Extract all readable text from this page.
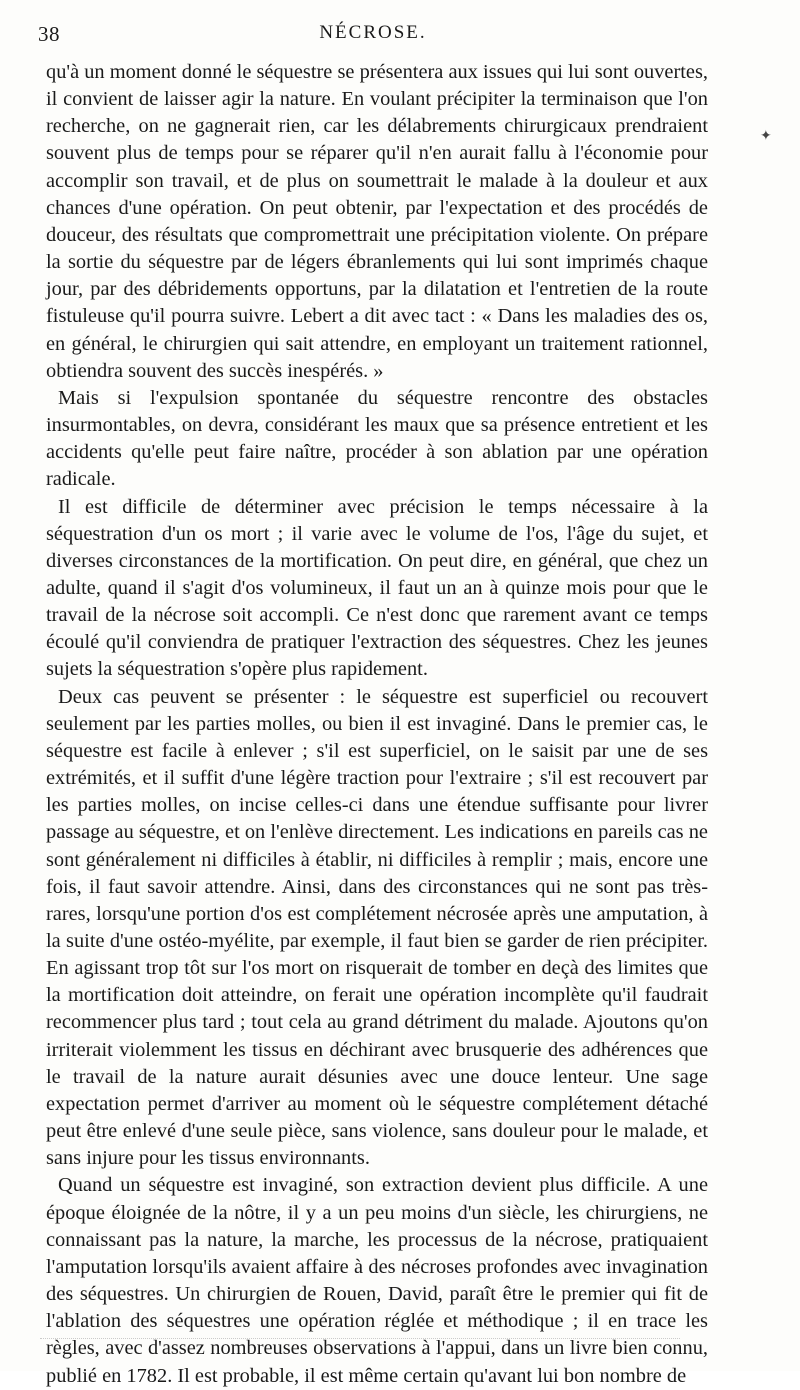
38	NÉCROSE.
✦

qu'à un moment donné le séquestre se présentera aux issues qui lui sont ouvertes, il convient de laisser agir la nature. En voulant précipiter la terminaison que l'on recherche, on ne gagnerait rien, car les délabrements chirurgicaux prendraient souvent plus de temps pour se réparer qu'il n'en aurait fallu à l'économie pour accomplir son travail, et de plus on soumettrait le malade à la douleur et aux chances d'une opération. On peut obtenir, par l'expectation et des procédés de douceur, des résultats que compromettrait une précipitation violente. On prépare la sortie du séquestre par de légers ébranlements qui lui sont imprimés chaque jour, par des débridements opportuns, par la dilatation et l'entretien de la route fistuleuse qu'il pourra suivre. Lebert a dit avec tact : « Dans les maladies des os, en général, le chirurgien qui sait attendre, en employant un traitement rationnel, obtiendra souvent des succès inespérés. »

Mais si l'expulsion spontanée du séquestre rencontre des obstacles insurmontables, on devra, considérant les maux que sa présence entretient et les accidents qu'elle peut faire naître, procéder à son ablation par une opération radicale.

Il est difficile de déterminer avec précision le temps nécessaire à la séquestration d'un os mort ; il varie avec le volume de l'os, l'âge du sujet, et diverses circonstances de la mortification. On peut dire, en général, que chez un adulte, quand il s'agit d'os volumineux, il faut un an à quinze mois pour que le travail de la nécrose soit accompli. Ce n'est donc que rarement avant ce temps écoulé qu'il conviendra de pratiquer l'extraction des séquestres. Chez les jeunes sujets la séquestration s'opère plus rapidement.

Deux cas peuvent se présenter : le séquestre est superficiel ou recouvert seulement par les parties molles, ou bien il est invaginé. Dans le premier cas, le séquestre est facile à enlever ; s'il est superficiel, on le saisit par une de ses extrémités, et il suffit d'une légère traction pour l'extraire ; s'il est recouvert par les parties molles, on incise celles-ci dans une étendue suffisante pour livrer passage au séquestre, et on l'enlève directement. Les indications en pareils cas ne sont généralement ni difficiles à établir, ni difficiles à remplir ; mais, encore une fois, il faut savoir attendre. Ainsi, dans des circonstances qui ne sont pas très-rares, lorsqu'une portion d'os est complétement nécrosée après une amputation, à la suite d'une ostéo-myélite, par exemple, il faut bien se garder de rien précipiter. En agissant trop tôt sur l'os mort on risquerait de tomber en deçà des limites que la mortification doit atteindre, on ferait une opération incomplète qu'il faudrait recommencer plus tard ; tout cela au grand détriment du malade. Ajoutons qu'on irriterait violemment les tissus en déchirant avec brusquerie des adhérences que le travail de la nature aurait désunies avec une douce lenteur. Une sage expectation permet d'arriver au moment où le séquestre complétement détaché peut être enlevé d'une seule pièce, sans violence, sans douleur pour le malade, et sans injure pour les tissus environnants.

Quand un séquestre est invaginé, son extraction devient plus difficile. A une époque éloignée de la nôtre, il y a un peu moins d'un siècle, les chirurgiens, ne connaissant pas la nature, la marche, les processus de la nécrose, pratiquaient l'amputation lorsqu'ils avaient affaire à des nécroses profondes avec invagination des séquestres. Un chirurgien de Rouen, David, paraît être le premier qui fit de l'ablation des séquestres une opération réglée et méthodique ; il en trace les règles, avec d'assez nombreuses observations à l'appui, dans un livre bien connu, publié en 1782. Il est probable, il est même certain qu'avant lui bon nombre de
